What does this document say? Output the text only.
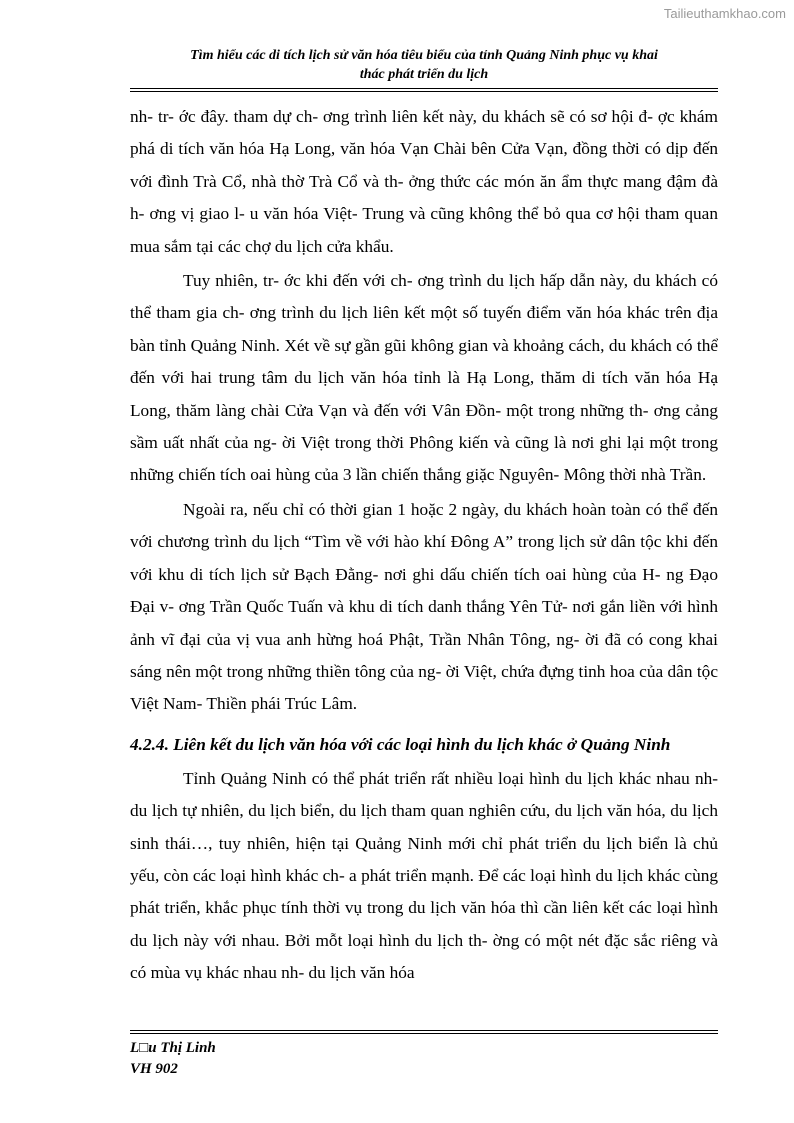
Tailieuthamkhao.com
Tìm hiểu các di tích lịch sử văn hóa tiêu biểu của tỉnh Quảng Ninh phục vụ khai
thác phát triển du lịch

nh- tr- ớc đây. tham dự ch- ơng trình liên kết này, du khách sẽ có sơ hội đ- ợc khám phá di tích văn hóa Hạ Long, văn hóa Vạn Chài bên Cửa Vạn, đồng thời có dịp đến với đình Trà Cổ, nhà thờ Trà Cổ và th- ởng thức các món ăn ẩm thực mang đậm đà h- ơng vị giao l- u văn hóa Việt- Trung và cũng không thể bỏ qua cơ hội tham quan mua sắm tại các chợ du lịch cửa khẩu.

Tuy nhiên, tr- ớc khi đến với ch- ơng trình du lịch hấp dẫn này, du khách có thể tham gia ch- ơng trình du lịch liên kết một số tuyến điểm văn hóa khác trên địa bàn tỉnh Quảng Ninh. Xét về sự gần gũi không gian và khoảng cách, du khách có thể đến với hai trung tâm du lịch văn hóa tỉnh là Hạ Long, thăm di tích văn hóa Hạ Long, thăm làng chài Cửa Vạn và đến với Vân Đồn- một trong những th- ơng cảng sầm uất nhất của ng- ời Việt trong thời Phông kiến và cũng là nơi ghi lại một trong những chiến tích oai hùng của 3 lần chiến thắng giặc Nguyên- Mông thời nhà Trần.

Ngoài ra, nếu chỉ có thời gian 1 hoặc 2 ngày, du khách hoàn toàn có thể đến với chương trình du lịch “Tìm về với hào khí Đông A” trong lịch sử dân tộc khi đến với khu di tích lịch sử Bạch Đằng- nơi ghi dấu chiến tích oai hùng của H- ng Đạo Đại v- ơng Trần Quốc Tuấn và khu di tích danh thắng Yên Tử- nơi gắn liền với hình ảnh vĩ đại của vị vua anh hừng hoá Phật, Trần Nhân Tông, ng- ời đã có cong khai sáng nên một trong những thiền tông của ng- ời Việt, chứa đựng tinh hoa của dân tộc Việt Nam- Thiền phái Trúc Lâm.

4.2.4. Liên kết du lịch văn hóa với các loại hình du lịch khác ở Quảng Ninh

Tỉnh Quảng Ninh có thể phát triển rất nhiều loại hình du lịch khác nhau nh- du lịch tự nhiên, du lịch biển, du lịch tham quan nghiên cứu, du lịch văn hóa, du lịch sinh thái…, tuy nhiên, hiện tại Quảng Ninh mới chỉ phát triển du lịch biển là chủ yếu, còn các loại hình khác ch- a phát triển mạnh. Để các loại hình du lịch khác cùng phát triển, khắc phục tính thời vụ trong du lịch văn hóa thì cần liên kết các loại hình du lịch này với nhau. Bởi mỗt loại hình du lịch th- ờng có một nét đặc sắc riêng và có mùa vụ khác nhau nh- du lịch văn hóa

L□u Thị Linh
VH 902
